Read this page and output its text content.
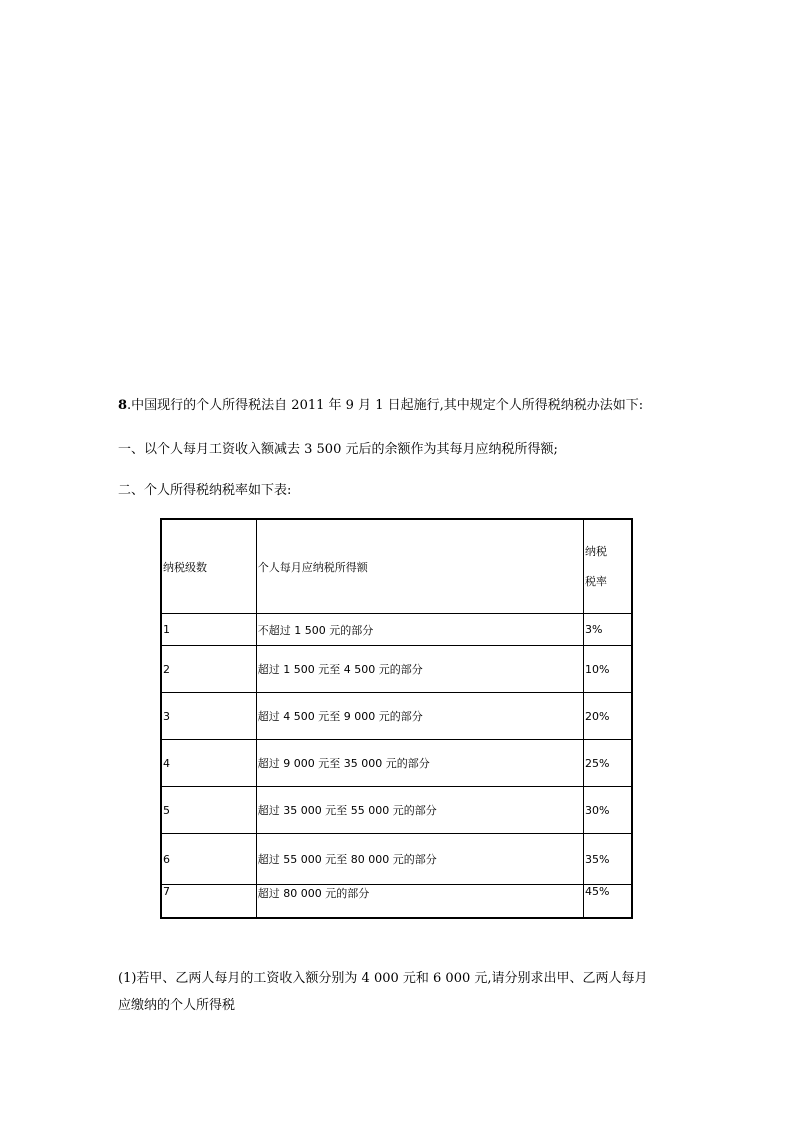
8.中国现行的个人所得税法自 2011 年 9 月 1 日起施行,其中规定个人所得税纳税办法如下:
一、以个人每月工资收入额减去 3 500 元后的余额作为其每月应纳税所得额;
二、个人所得税纳税率如下表:
纳税级数	个人每月应纳税所得额	纳税
税率

1	不超过 1 500 元的部分	3%
2	超过 1 500 元至 4 500 元的部分	10%
3	超过 4 500 元至 9 000 元的部分	20%
4	超过 9 000 元至 35 000 元的部分	25%
5	超过 35 000 元至 55 000 元的部分	30%
6	超过 55 000 元至 80 000 元的部分	35%
7	超过 80 000 元的部分	45%
(1)若甲、乙两人每月的工资收入额分别为 4 000 元和 6 000 元,请分别求出甲、乙两人每月
应缴纳的个人所得税
